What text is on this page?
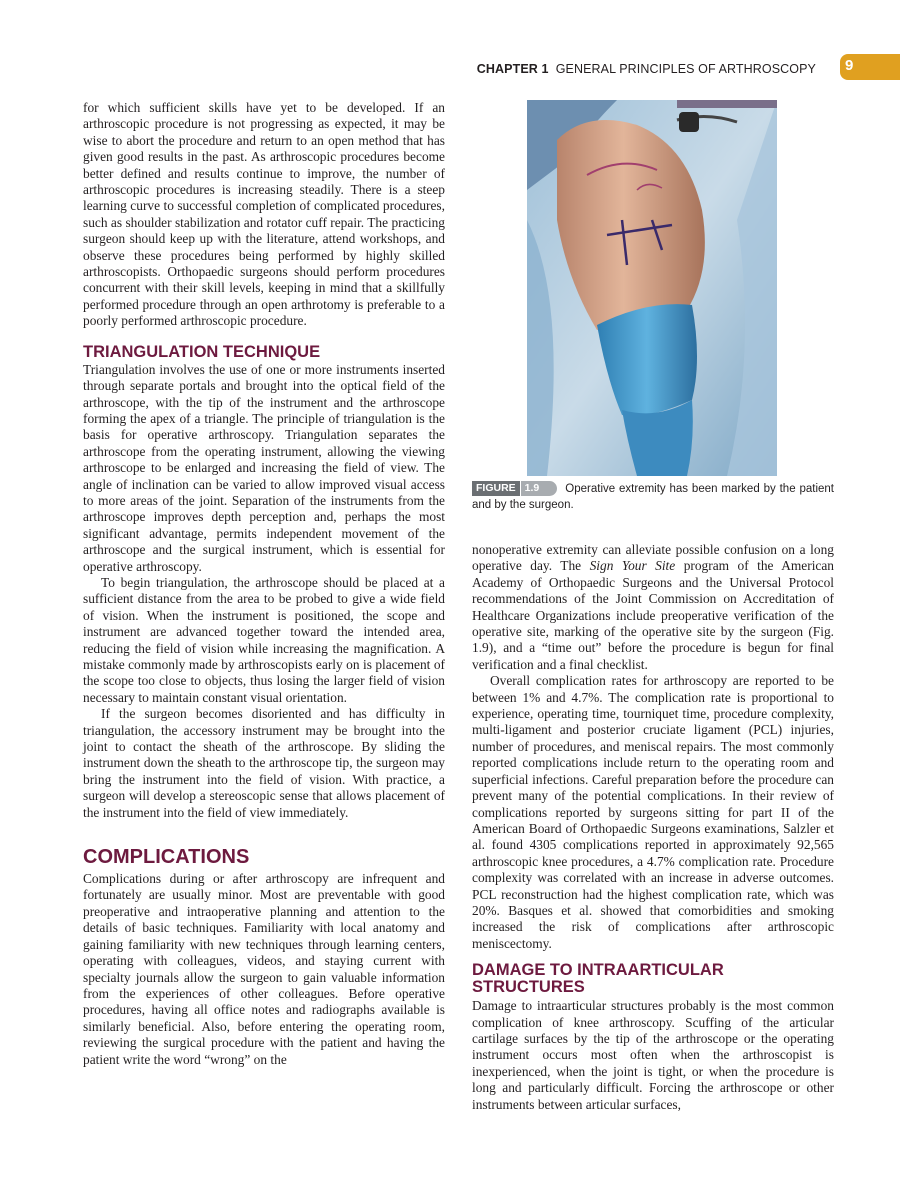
CHAPTER 1 GENERAL PRINCIPLES OF ARTHROSCOPY 9

for which sufficient skills have yet to be developed. If an arthroscopic procedure is not progressing as expected, it may be wise to abort the procedure and return to an open method that has given good results in the past. As arthroscopic procedures become better defined and results continue to improve, the number of arthroscopic procedures is increasing steadily. There is a steep learning curve to successful completion of complicated procedures, such as shoulder stabilization and rotator cuff repair. The practicing surgeon should keep up with the literature, attend workshops, and observe these procedures being performed by highly skilled arthroscopists. Orthopaedic surgeons should perform procedures concurrent with their skill levels, keeping in mind that a skillfully performed procedure through an open arthrotomy is preferable to a poorly performed arthroscopic procedure.

TRIANGULATION TECHNIQUE

Triangulation involves the use of one or more instruments inserted through separate portals and brought into the optical field of the arthroscope, with the tip of the instrument and the arthroscope forming the apex of a triangle. The principle of triangulation is the basis for operative arthroscopy. Triangulation separates the arthroscope from the operating instrument, allowing the viewing arthroscope to be enlarged and increasing the field of view. The angle of inclination can be varied to allow improved visual access to more areas of the joint. Separation of the instruments from the arthroscope improves depth perception and, perhaps the most significant advantage, permits independent movement of the arthroscope and the surgical instrument, which is essential for operative arthroscopy.

To begin triangulation, the arthroscope should be placed at a sufficient distance from the area to be probed to give a wide field of vision. When the instrument is positioned, the scope and instrument are advanced together toward the intended area, reducing the field of vision while increasing the magnification. A mistake commonly made by arthroscopists early on is placement of the scope too close to objects, thus losing the larger field of vision necessary to maintain constant visual orientation.

If the surgeon becomes disoriented and has difficulty in triangulation, the accessory instrument may be brought into the joint to contact the sheath of the arthroscope. By sliding the instrument down the sheath to the arthroscope tip, the surgeon may bring the instrument into the field of vision. With practice, a surgeon will develop a stereoscopic sense that allows placement of the instrument into the field of view immediately.

COMPLICATIONS

Complications during or after arthroscopy are infrequent and fortunately are usually minor. Most are preventable with good preoperative and intraoperative planning and attention to the details of basic techniques. Familiarity with local anatomy and gaining familiarity with new techniques through learning centers, operating with colleagues, videos, and staying current with specialty journals allow the surgeon to gain valuable information from the experiences of other colleagues. Before operative procedures, having all office notes and radiographs available is similarly beneficial. Also, before entering the operating room, reviewing the surgical procedure with the patient and having the patient write the word “wrong” on the

FIGURE 1.9 Operative extremity has been marked by the patient and by the surgeon.

nonoperative extremity can alleviate possible confusion on a long operative day. The Sign Your Site program of the American Academy of Orthopaedic Surgeons and the Universal Protocol recommendations of the Joint Commission on Accreditation of Healthcare Organizations include preoperative verification of the operative site, marking of the operative site by the surgeon (Fig. 1.9), and a “time out” before the procedure is begun for final verification and a final checklist.

Overall complication rates for arthroscopy are reported to be between 1% and 4.7%. The complication rate is proportional to experience, operating time, tourniquet time, procedure complexity, multi-ligament and posterior cruciate ligament (PCL) injuries, number of procedures, and meniscal repairs. The most commonly reported complications include return to the operating room and superficial infections. Careful preparation before the procedure can prevent many of the potential complications. In their review of complications reported by surgeons sitting for part II of the American Board of Orthopaedic Surgeons examinations, Salzler et al. found 4305 complications reported in approximately 92,565 arthroscopic knee procedures, a 4.7% complication rate. Procedure complexity was correlated with an increase in adverse outcomes. PCL reconstruction had the highest complication rate, which was 20%. Basques et al. showed that comorbidities and smoking increased the risk of complications after arthroscopic meniscectomy.

DAMAGE TO INTRAARTICULAR
STRUCTURES

Damage to intraarticular structures probably is the most common complication of knee arthroscopy. Scuffing of the articular cartilage surfaces by the tip of the arthroscope or the operating instrument occurs most often when the arthroscopist is inexperienced, when the joint is tight, or when the procedure is long and particularly difficult. Forcing the arthroscope or other instruments between articular surfaces,
